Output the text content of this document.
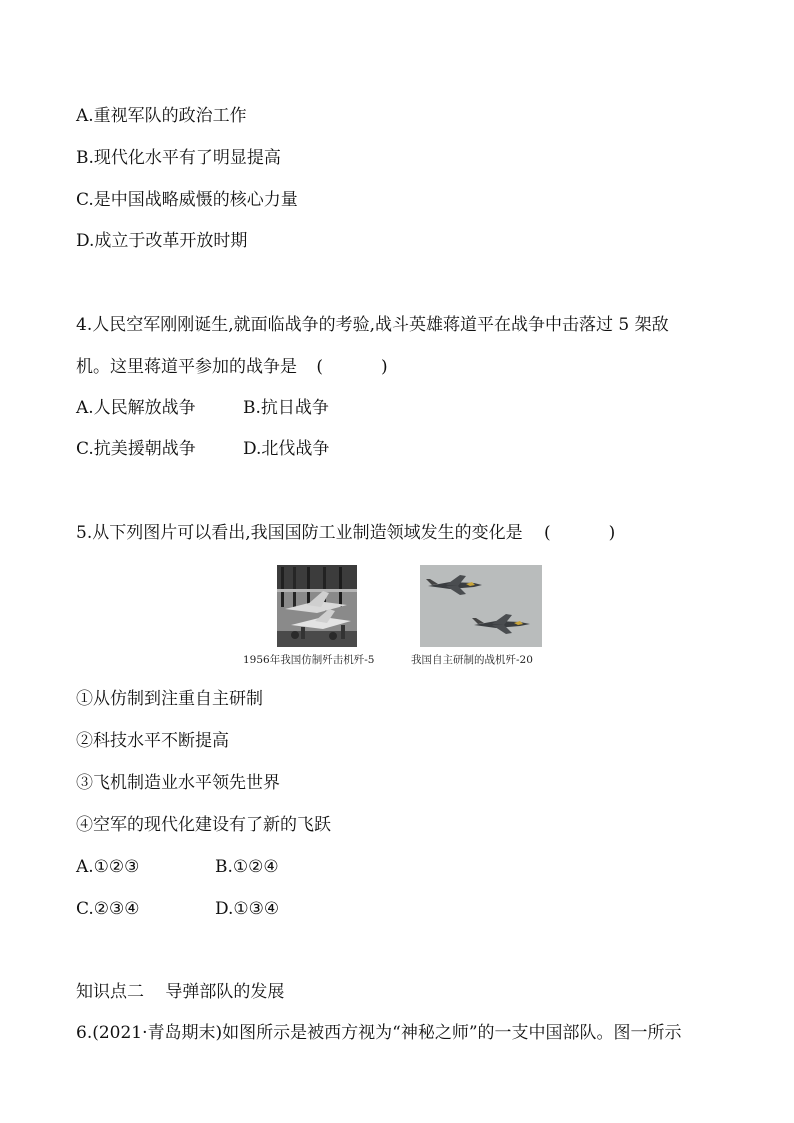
A.重视军队的政治工作
B.现代化水平有了明显提高
C.是中国战略威慑的核心力量
D.成立于改革开放时期
4.人民空军刚刚诞生,就面临战争的考验,战斗英雄蒋道平在战争中击落过 5 架敌
机。这里蒋道平参加的战争是 (	)
A.人民解放战争	B.抗日战争
C.抗美援朝战争	D.北伐战争
5.从下列图片可以看出,我国国防工业制造领域发生的变化是 (	)
1956年我国仿制歼击机歼-5	我国自主研制的战机歼-20
①从仿制到注重自主研制
②科技水平不断提高
③飞机制造业水平领先世界
④空军的现代化建设有了新的飞跃
A.①②③	B.①②④
C.②③④	D.①③④
知识点二 导弹部队的发展
6.(2021·青岛期末)如图所示是被西方视为“神秘之师”的一支中国部队。图一所示
